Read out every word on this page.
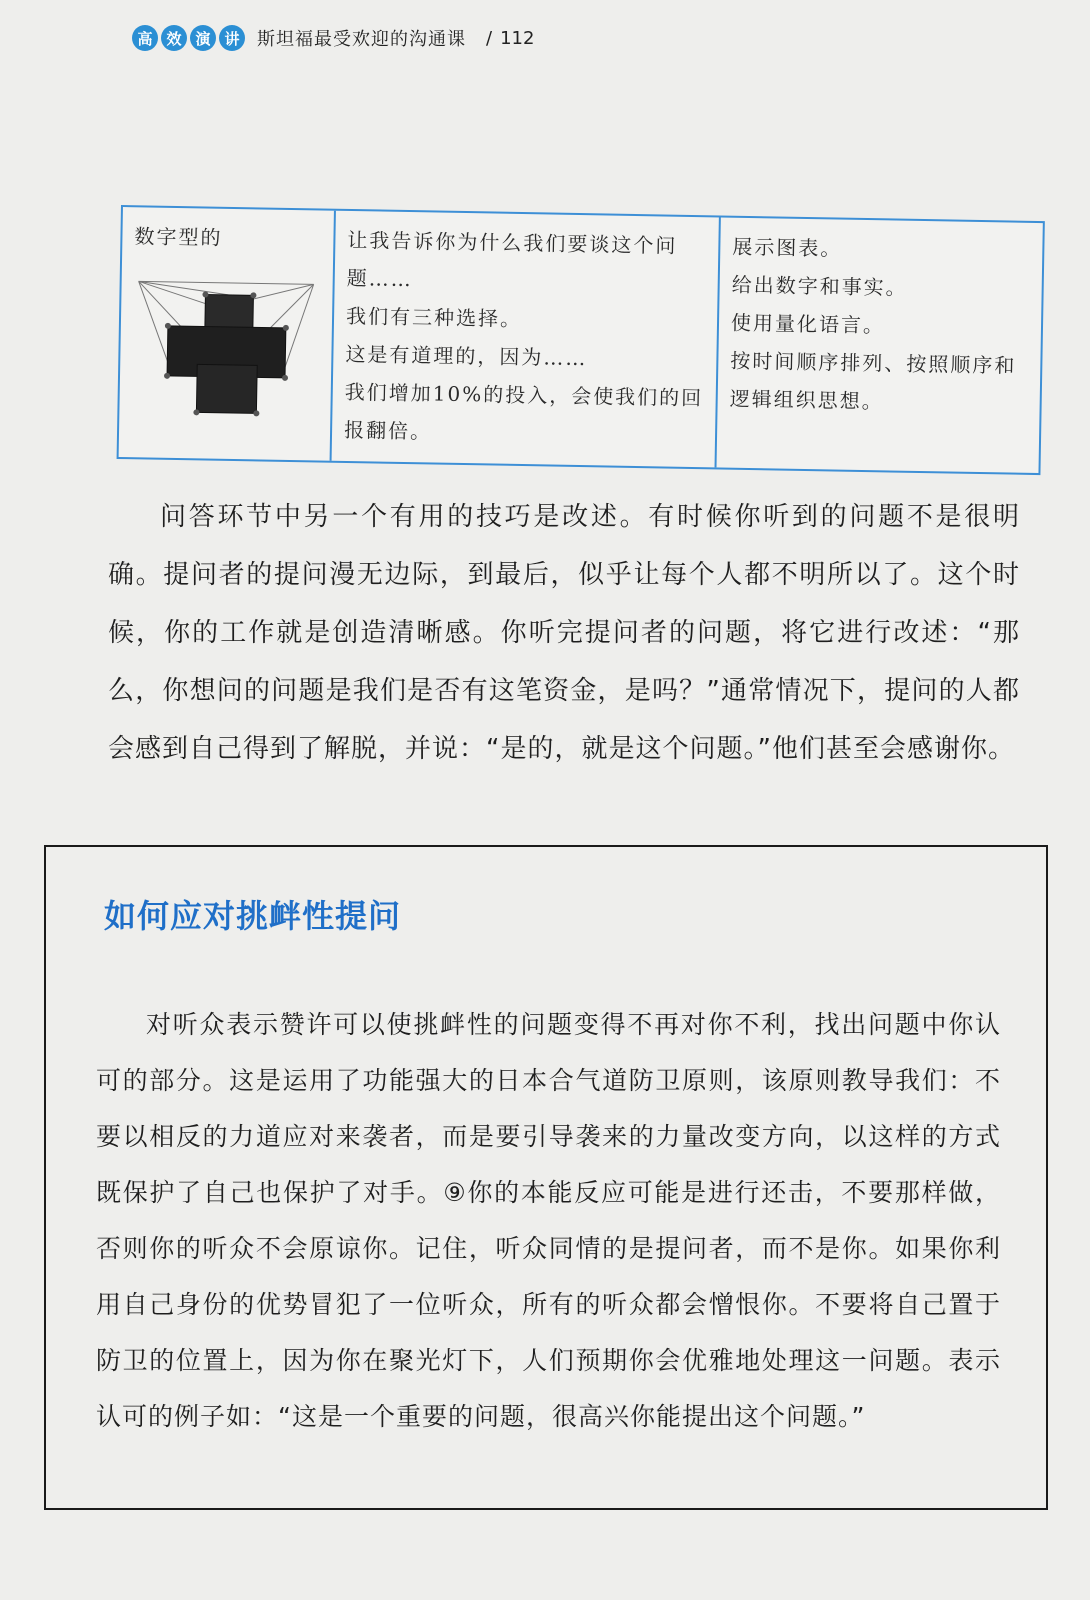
高 效 演 讲 斯坦福最受欢迎的沟通课 / 112
数字型的	让我告诉你为什么我们要谈这个问题……
我们有三种选择。
这是有道理的，因为……
我们增加10%的投入，会使我们的回报翻倍。
展示图表。
给出数字和事实。
使用量化语言。
按时间顺序排列、按照顺序和逻辑组织思想。

问答环节中另一个有用的技巧是改述。有时候你听到的问题不是很明确。提问者的提问漫无边际，到最后，似乎让每个人都不明所以了。这个时候，你的工作就是创造清晰感。你听完提问者的问题，将它进行改述：“那么，你想问的问题是我们是否有这笔资金，是吗？”通常情况下，提问的人都会感到自己得到了解脱，并说：“是的，就是这个问题。”他们甚至会感谢你。

如何应对挑衅性提问

对听众表示赞许可以使挑衅性的问题变得不再对你不利，找出问题中你认可的部分。这是运用了功能强大的日本合气道防卫原则，该原则教导我们：不要以相反的力道应对来袭者，而是要引导袭来的力量改变方向，以这样的方式既保护了自己也保护了对手。⑨你的本能反应可能是进行还击，不要那样做，否则你的听众不会原谅你。记住，听众同情的是提问者，而不是你。如果你利用自己身份的优势冒犯了一位听众，所有的听众都会憎恨你。不要将自己置于防卫的位置上，因为你在聚光灯下，人们预期你会优雅地处理这一问题。表示认可的例子如：“这是一个重要的问题，很高兴你能提出这个问题。”
